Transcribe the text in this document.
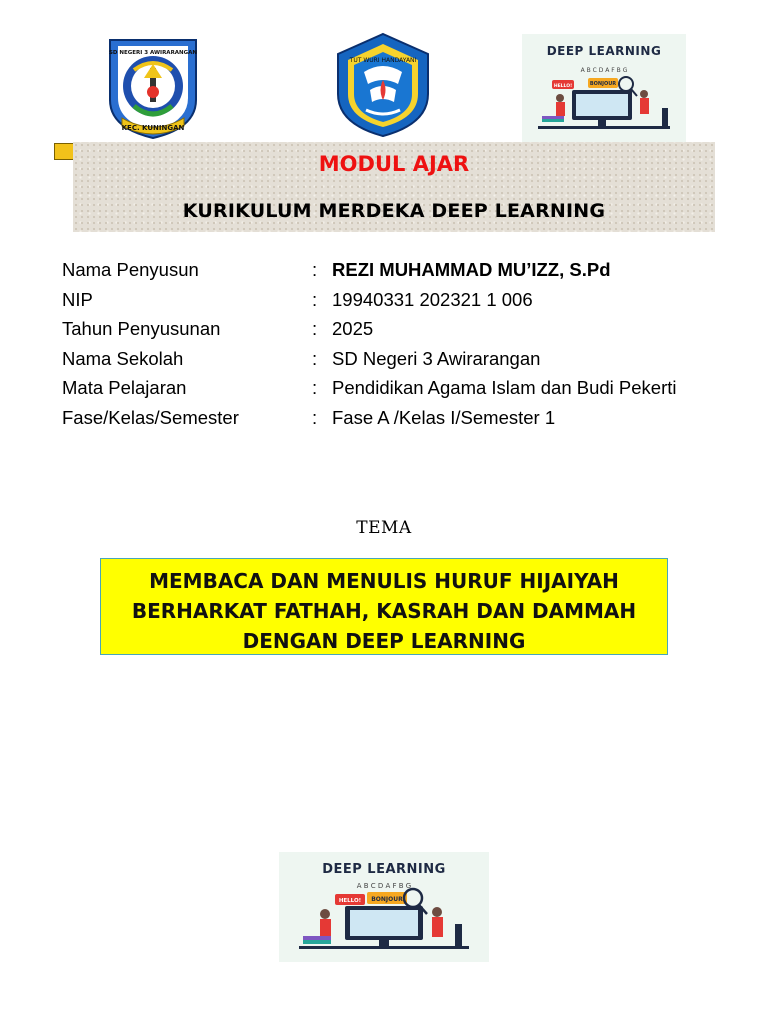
KEC. KUNINGAN
SD NEGERI 3 AWIRARANGAN
TUT WURI HANDAYANI
DEEP LEARNING
A B C D A F B G
HELLO!	BONJOUR
MODUL AJAR
KURIKULUM MERDEKA DEEP LEARNING
Nama Penyusun	: REZI MUHAMMAD MU’IZZ, S.Pd
NIP	: 19940331 202321 1 006
Tahun Penyusunan	: 2025
Nama Sekolah	: SD Negeri 3 Awirarangan
Mata Pelajaran	: Pendidikan Agama Islam dan Budi Pekerti
Fase/Kelas/Semester	: Fase A /Kelas I/Semester 1
TEMA
MEMBACA DAN MENULIS HURUF HIJAIYAH
BERHARKAT FATHAH, KASRAH DAN DAMMAH
DENGAN DEEP LEARNING
DEEP LEARNING
A B C D A F B G
HELLO! BONJOUR
